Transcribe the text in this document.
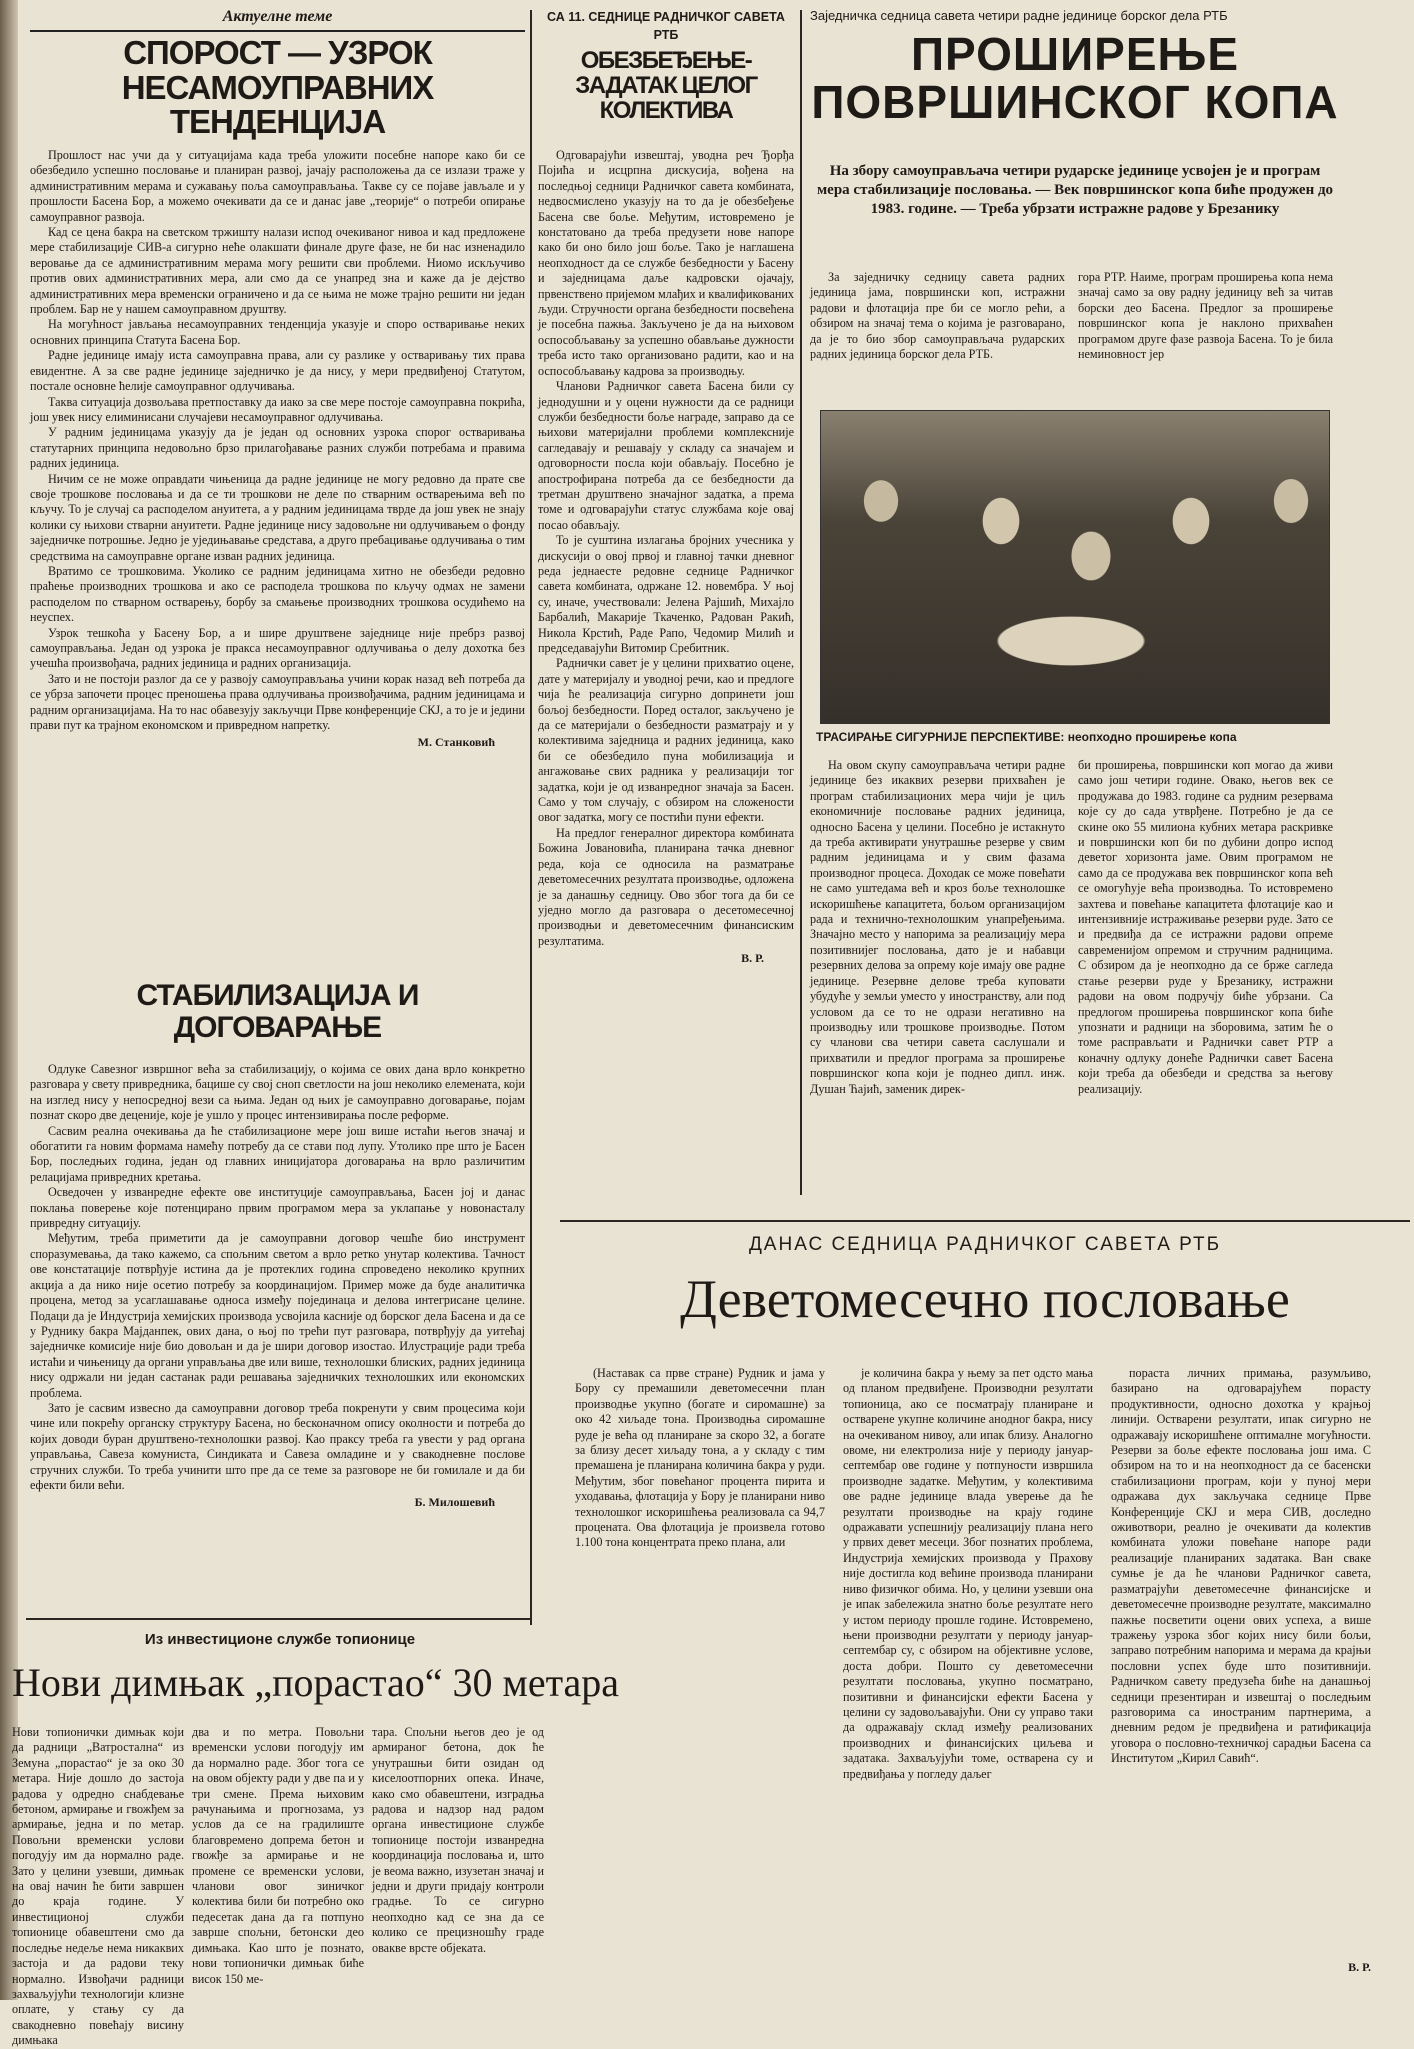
Актуелне теме
СПОРОСТ — УЗРОК НЕСАМОУПРАВНИХ ТЕНДЕНЦИЈА

Прошлост нас учи да у ситуацијама када треба уложити посебне напоре како би се обезбедило успешно пословање и планиран развој, јачају расположења да се излази траже у административним мерама и сужавању поља самоуправљања. Такве су се појаве јављале и у прошлости Басена Бор, а можемо очекивати да се и данас јаве „теорије“ о потреби опирање самоуправног развоја.

Кад се цена бакра на светском тржишту налази испод очекиваног нивоа и кад предложене мере стабилизације СИВ-а сигурно неће олакшати финале друге фазе, не би нас изненадило веровање да се административним мерама могу решити сви проблеми. Ниомо искључиво против ових административних мера, али смо да се унапред зна и каже да је дејство административних мера временски ограничено и да се њима не може трајно решити ни један проблем. Бар не у нашем самоуправном друштву.

На могућност јављања несамоуправних тенденција указује и споро остваривање неких основних принципа Статута Басена Бор.

Радне јединице имају иста самоуправна права, али су разлике у остваривању тих права евидентне. А за све радне јединице заједничко је да нису, у мери предвиђеној Статутом, постале основне ћелије самоуправног одлучивања.

Таква ситуација дозвољава претпоставку да иако за све мере постоје самоуправна покрића, још увек нису елиминисани случајеви несамоуправног одлучивања.

У радним јединицама указују да је један од основних узрока спорог остваривања статутарних принципа недовољно брзо прилагођавање разних служби потребама и правима радних јединица.

Ничим се не може оправдати чињеница да радне јединице не могу редовно да прате све своје трошкове пословања и да се ти трошкови не деле по стварним остварењима већ по кључу. То је случај са расподелом ануитета, а у радним јединицама тврде да још увек не знају колики су њихови стварни ануитети. Радне јединице нису задовољне ни одлучивањем о фонду заједничке потрошње. Једно је уједињавање средстава, а друго пребацивање одлучивања о тим средствима на самоуправне органе изван радних јединица.

Вратимо се трошковима. Уколико се радним јединицама хитно не обезбеди редовно праћење производних трошкова и ако се расподела трошкова по кључу одмах не замени расподелом по стварном остварењу, борбу за смањење производних трошкова осудићемо на неуспех.

Узрок тешкоћа у Басену Бор, а и шире друштвене заједнице није пребрз развој самоуправљања. Један од узрока је пракса несамоуправног одлучивања о делу дохотка без учешћа произвођача, радних јединица и радних организација.

Зато и не постоји разлог да се у развоју самоуправљања учини корак назад већ потреба да се убрза започети процес преношења права одлучивања произвођачима, радним јединицама и радним организацијама. На то нас обавезују закључци Прве конференције СКЈ, а то је и једини прави пут ка трајном економском и привредном напретку.

М. Станковић
СТАБИЛИЗАЦИЈА И ДОГОВАРАЊЕ

Одлуке Савезног извршног већа за стабилизацију, о којима се ових дана врло конкретно разговара у свету привредника, бацише су свој сноп светлости на још неколико елемената, који на изглед нису у непосредној вези са њима. Један од њих је самоуправно договарање, појам познат скоро две деценије, које је ушло у процес интензивирања после реформе.

Сасвим реална очекивања да ће стабилизационе мере још више истаћи његов значај и обогатити га новим формама намећу потребу да се стави под лупу. Утолико пре што је Басен Бор, последњих година, један од главних иницијатора договарања на врло различитим релацијама привредних кретања.

Осведочен у изванредне ефекте ове институције самоуправљања, Басен јој и данас поклања поверење које потенцирано првим програмом мера за уклапање у новонасталу привредну ситуацију.

Међутим, треба приметити да је самоуправни договор чешће био инструмент споразумевања, да тако кажемо, са спољним светом а врло ретко унутар колектива. Тачност ове констатације потврђује истина да је протеклих година спроведено неколико крупних акција а да нико није осетио потребу за координацијом. Пример може да буде аналитичка процена, метод за усаглашавање односа између појединаца и делова интегрисане целине. Подаци да је Индустрија хемијских производа усвојила касније од борског дела Басена и да се у Руднику бакра Мајданпек, ових дана, о њој по трећи пут разговара, потврђују да уитећај заједничке комисије није био довољан и да је шири договор изостао. Илустрације ради треба истаћи и чињеницу да органи управљања две или више, технолошки блиских, радних јединица нису одржали ни један састанак ради решавања заједничких технолошких или економских проблема.

Зато је сасвим извесно да самоуправни договор треба покренути у свим процесима који чине или покрећу органску структуру Басена, но бесконачном опису околности и потреба до којих доводи буран друштвено-технолошки развој. Као праксу треба га увести у рад органа управљања, Савеза комуниста, Синдиката и Савеза омладине и у свакодневне послове стручних служби. То треба учинити што пре да се теме за разговоре не би гомилале и да би ефекти били већи.

Б. Милошевић
СА 11. СЕДНИЦЕ РАДНИЧКОГ САВЕТА РТБ
ОБЕЗБЕЂЕЊЕ-ЗАДАТАК ЦЕЛОГ КОЛЕКТИВА

Одговарајући извештај, уводна реч Ђорђа Појића и исцрпна дискусија, вођена на последњој седници Радничког савета комбината, недвосмислено указују на то да је обезбеђење Басена све боље. Међутим, истовремено је констатовано да треба предузети нове напоре како би оно било још боље. Тако је наглашена неопходност да се службе безбедности у Басену и заједницама даље кадровски ојачају, првенствено пријемом млађих и квалификованих људи. Стручности органа безбедности посвећена је посебна пажња. Закључено је да на њиховом оспособљавању за успешно обављање дужности треба исто тако организовано радити, као и на оспособљавању кадрова за производњу.

Чланови Радничког савета Басена били су једнодушни и у оцени нужности да се радници служби безбедности боље награде, заправо да се њихови материјални проблеми комплексније сагледавају и решавају у складу са значајем и одговорности посла који обављају. Посебно је апострофирана потреба да се безбедности да третман друштвено значајног задатка, а према томе и одговарајући статус службама које овај посао обављају.

То је суштина излагања бројних учесника у дискусији о овој првој и главној тачки дневног реда једнаесте редовне седнице Радничког савета комбината, одржане 12. новембра. У њој су, иначе, учествовали: Јелена Рајшић, Михајло Барбалић, Макарије Ткаченко, Радован Ракић, Никола Крстић, Раде Рапо, Чедомир Милић и председавајући Витомир Сребитник.

Раднички савет је у целини прихватио оцене, дате у материјалу и уводној речи, као и предлоге чија ће реализација сигурно допринети још бољој безбедности. Поред осталог, закључено је да се материјали о безбедности разматрају и у колективима заједница и радних јединица, како би се обезбедило пуна мобилизација и ангажовање свих радника у реализацији тог задатка, који је од изванредног значаја за Басен. Само у том случају, с обзиром на сложености овог задатка, могу се постићи пуни ефекти.

На предлог генералног директора комбината Божина Јовановића, планирана тачка дневног реда, која се односила на разматрање деветомесечних резултата производње, одложена је за данашњу седницу. Ово због тога да би се уједно могло да разговара о десетомесечној производњи и деветомесечним финансиским резултатима.

В. Р.
Заједничка седница савета четири радне јединице борског дела РТБ
ПРОШИРЕЊЕ ПОВРШИНСКОГ КОПА
На збору самоуправљача четири рударске јединице усвојен је и програм мера стабилизације пословања. — Век површинског копа биће продужен до 1983. године. — Треба убрзати истражне радове у Брезанику

За заједничку седницу савета радних јединица јама, површински коп, истражни радови и флотација пре би се могло рећи, а обзиром на значај тема о којима је разговарано, да је то био збор самоуправљача рударских радних јединица борског дела РТБ.

гора РТР. Наиме, програм проширења копа нема значај само за ову радну јединицу већ за читав борски део Басена. Предлог за проширење површинског копа је наклоно прихваћен програмом друге фазе развоја Басена. То је била неминовност јер

ТРАСИРАЊЕ СИГУРНИЈЕ ПЕРСПЕКТИВЕ: неопходно проширење копа

На овом скупу самоуправљача четири радне јединице без икаквих резерви прихваћен је програм стабилизационих мера чији је циљ економичније пословање радних јединица, односно Басена у целини. Посебно је истакнуто да треба активирати унутрашње резерве у свим радним јединицама и у свим фазама производног процеса. Доходак се може повећати не само уштедама већ и кроз боље технолошке искоришћење капацитета, бољом организацијом рада и технично-технолошким унапређењима. Значајно место у напорима за реализацију мера позитивнијег пословања, дато је и набавци резервних делова за опрему које имају ове радне јединице. Резервне делове треба куповати убудуће у земљи уместо у иностранству, али под условом да се то не одрази негативно на производњу или трошкове производње. Потом су чланови сва четири савета саслушали и прихватили и предлог програма за проширење површинског копа који је поднео дипл. инж. Душан Ћајић, заменик дирек-

би проширења, површински коп могао да живи само још четири године. Овако, његов век се продужава до 1983. године са рудним резервама које су до сада утврђене. Потребно је да се скине око 55 милиона кубних метара раскривке и површински коп би по дубини допро испод деветог хоризонта јаме. Овим програмом не само да се продужава век површинског копа већ се омогућује већа производња. То истовремено захтева и повећање капацитета флотације као и интензивније истраживање резерви руде. Зато се и предвиђа да се истражни радови опреме савременијом опремом и стручним радницима. С обзиром да је неопходно да се брже сагледа стање резерви руде у Брезанику, истражни радови на овом подручју биће убрзани. Са предлогом проширења површинског копа биће упознати и радници на зборовима, затим ће о томе расправљати и Раднички савет РТР а коначну одлуку донеће Раднички савет Басена који треба да обезбеди и средства за његову реализацију.

ДАНАС СЕДНИЦА РАДНИЧКОГ САВЕТА РТБ
Деветомесечно пословање

(Наставак са прве стране) Рудник и јама у Бору су премашили деветомесечни план производње укупно (богате и сиромашне) за око 42 хиљаде тона. Производња сиромашне руде је већа од планиране за скоро 32, а богате за близу десет хиљаду тона, а у складу с тим премашена је планирана количина бакра у руди. Међутим, због повећаног процента пирита и уходавања, флотација у Бору је планирани ниво технолошког искоришћења реализовала са 94,7 процената. Ова флотација је произвела готово 1.100 тона концентрата преко плана, али

је количина бакра у њему за пет одсто мања од планом предвиђене. Производни резултати топионица, ако се посматрају планиране и остварене укупне количине анодног бакра, нису на очекиваном нивоу, али ипак близу. Аналогно овоме, ни електролиза није у периоду јануар-септембар ове године у потпуности извршила производне задатке. Међутим, у колективима ове радне јединице влада уверење да ће резултати производње на крају године одражавати успешнију реализацију плана него у првих девет месеци. Због познатих проблема, Индустрија хемијских производа у Прахову није достигла код већине производа планирани ниво физичког обима. Но, у целини узевши она је ипак забележила знатно боље резултате него у истом периоду прошле године. Истовремено, њени производни резултати у периоду јануар-септембар су, с обзиром на објективне услове, доста добри. Пошто су деветомесечни резултати пословања, укупно посматрано, позитивни и финансијски ефекти Басена у целини су задовољавајући. Они су управо таки да одражавају склад између реализованих производних и финансијских циљева и задатака. Захваљујући томе, остварена су и предвиђања у погледу даљег

пораста личних примања, разумљиво, базирано на одговарајућем порасту продуктивности, односно дохотка у крајњој линији. Остварени резултати, ипак сигурно не одражавају искоришћене оптималне могућности. Резерви за боље ефекте пословања још има. С обзиром на то и на неопходност да се басенски стабилизациони програм, који у пуној мери одражава дух закључака седнице Прве Конференције СКЈ и мера СИВ, доследно оживотвори, реално је очекивати да колектив комбината уложи повећане напоре ради реализације планираних задатака. Ван сваке сумње је да ће чланови Радничког савета, разматрајући деветомесечне финансијске и деветомесечне производне резултате, максимално пажње посветити оцени ових успеха, а више тражењу узрока због којих нису били бољи, заправо потребним напорима и мерама да крајњи пословни успех буде што позитивнији. Радничком савету предузећа биће на данашњој седници презентиран и извештај о последњим разговорима са иностраним партнерима, а дневним редом је предвиђена и ратификација уговора о пословно-техничкој сарадњи Басена са Институтом „Кирил Савић“.

В. Р.
Из инвестиционе службе топионице
Нови димњак „порастао“ 30 метара

Нови топионички димњак који да радници „Ватростална“ из Земуна „порастао“ је за око 30 метара. Није дошло до застоја радова у одредно снабдевање бетоном, армирање и гвожђем за армирање, једна и по метар. Повољни временски услови погодују им да нормално раде. Зато у целини узевши, димњак на овај начин ће бити завршен до краја године. У инвестиционој служби топионице обавештени смо да последње недеље нема никаквих застоја и да радови теку нормално. Извођачи радници захваљујући технологији клизне оплате, у стању су да свакодневно повећају висину димњака

два и по метра. Повољни временски услови погодују им да нормално раде. Због тога се на овом објекту ради у две па и у три смене. Према њиховим рачунањима и прогнозама, уз услов да се на градилиште благовремено допрема бетон и гвожђе за армирање и не промене се временски услови, чланови овог зиничког колектива били би потребно око педесетак дана да га потпуно заврше спољни, бетонски део димњака. Као што је познато, нови топионички димњак биће висок 150 ме-

тара. Спољни његов део је од армираног бетона, док ће унутрашњи бити озидан од киселоотпорних опека. Иначе, како смо обавештени, изградња радова и надзор над радом органа инвестиционе службе топионице постоји изванредна координација пословања и, што је веома важно, изузетан значај и једни и други придају контроли градње. То се сигурно неопходно кад се зна да се колико се прецизношћу граде овакве врсте објеката.
